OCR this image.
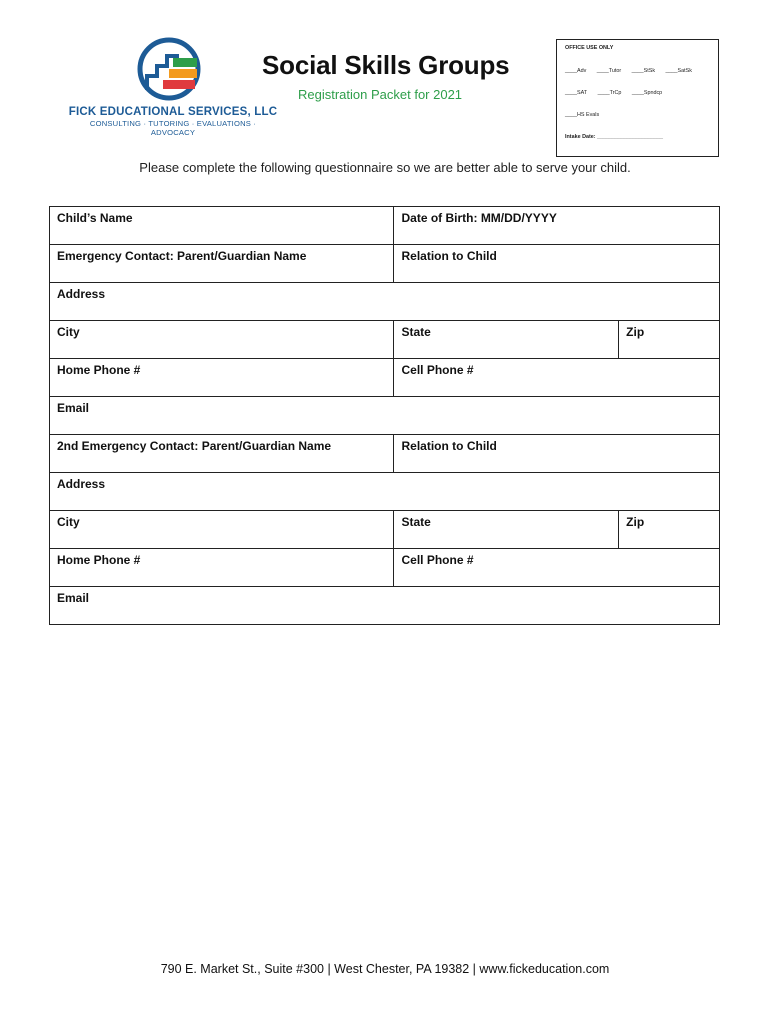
FICK EDUCATIONAL SERVICES, LLC
CONSULTING · TUTORING · EVALUATIONS · ADVOCACY
Social Skills Groups
Registration Packet for 2021
OFFICE USE ONLY
____Adv ____Tutor ____StSk ____SatSk
____SAT ____TrCp ____Spndcp
____HS Evals
Intake Date: ______________________
Please complete the following questionnaire so we are better able to serve your child.
Child’s Name	Date of Birth: MM/DD/YYYY
Emergency Contact: Parent/Guardian Name	Relation to Child
Address
City	State	Zip
Home Phone #	Cell Phone #
Email
2nd Emergency Contact: Parent/Guardian Name	Relation to Child
Address
City	State	Zip
Home Phone #	Cell Phone #
Email
790 E. Market St., Suite #300 | West Chester, PA 19382 | www.fickeducation.com
